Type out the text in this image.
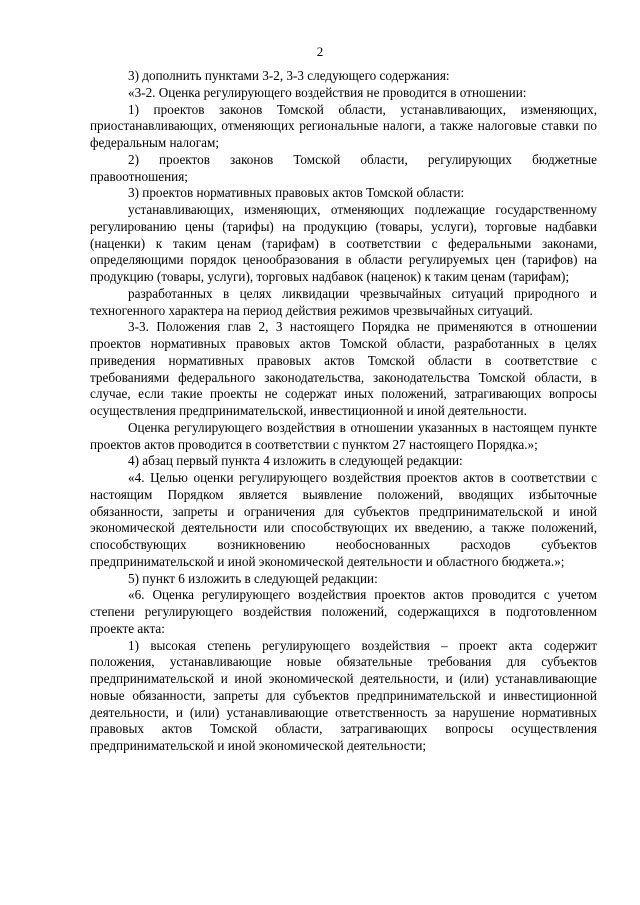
2

3) дополнить пунктами 3-2, 3-3 следующего содержания:

«3-2. Оценка регулирующего воздействия не проводится в отношении:

1) проектов законов Томской области, устанавливающих, изменяющих, приостанавливающих, отменяющих региональные налоги, а также налоговые ставки по федеральным налогам;

2) проектов законов Томской области, регулирующих бюджетные правоотношения;

3) проектов нормативных правовых актов Томской области:

устанавливающих, изменяющих, отменяющих подлежащие государственному регулированию цены (тарифы) на продукцию (товары, услуги), торговые надбавки (наценки) к таким ценам (тарифам) в соответствии с федеральными законами, определяющими порядок ценообразования в области регулируемых цен (тарифов) на продукцию (товары, услуги), торговых надбавок (наценок) к таким ценам (тарифам);

разработанных в целях ликвидации чрезвычайных ситуаций природного и техногенного характера на период действия режимов чрезвычайных ситуаций.

3-3. Положения глав 2, 3 настоящего Порядка не применяются в отношении проектов нормативных правовых актов Томской области, разработанных в целях приведения нормативных правовых актов Томской области в соответствие с требованиями федерального законодательства, законодательства Томской области, в случае, если такие проекты не содержат иных положений, затрагивающих вопросы осуществления предпринимательской, инвестиционной и иной деятельности.

Оценка регулирующего воздействия в отношении указанных в настоящем пункте проектов актов проводится в соответствии с пунктом 27 настоящего Порядка.»;

4) абзац первый пункта 4 изложить в следующей редакции:

«4. Целью оценки регулирующего воздействия проектов актов в соответствии с настоящим Порядком является выявление положений, вводящих избыточные обязанности, запреты и ограничения для субъектов предпринимательской и иной экономической деятельности или способствующих их введению, а также положений, способствующих возникновению необоснованных расходов субъектов предпринимательской и иной экономической деятельности и областного бюджета.»;

5) пункт 6 изложить в следующей редакции:

«6. Оценка регулирующего воздействия проектов актов проводится с учетом степени регулирующего воздействия положений, содержащихся в подготовленном проекте акта:

1) высокая степень регулирующего воздействия – проект акта содержит положения, устанавливающие новые обязательные требования для субъектов предпринимательской и иной экономической деятельности, и (или) устанавливающие новые обязанности, запреты для субъектов предпринимательской и инвестиционной деятельности, и (или) устанавливающие ответственность за нарушение нормативных правовых актов Томской области, затрагивающих вопросы осуществления предпринимательской и иной экономической деятельности;
